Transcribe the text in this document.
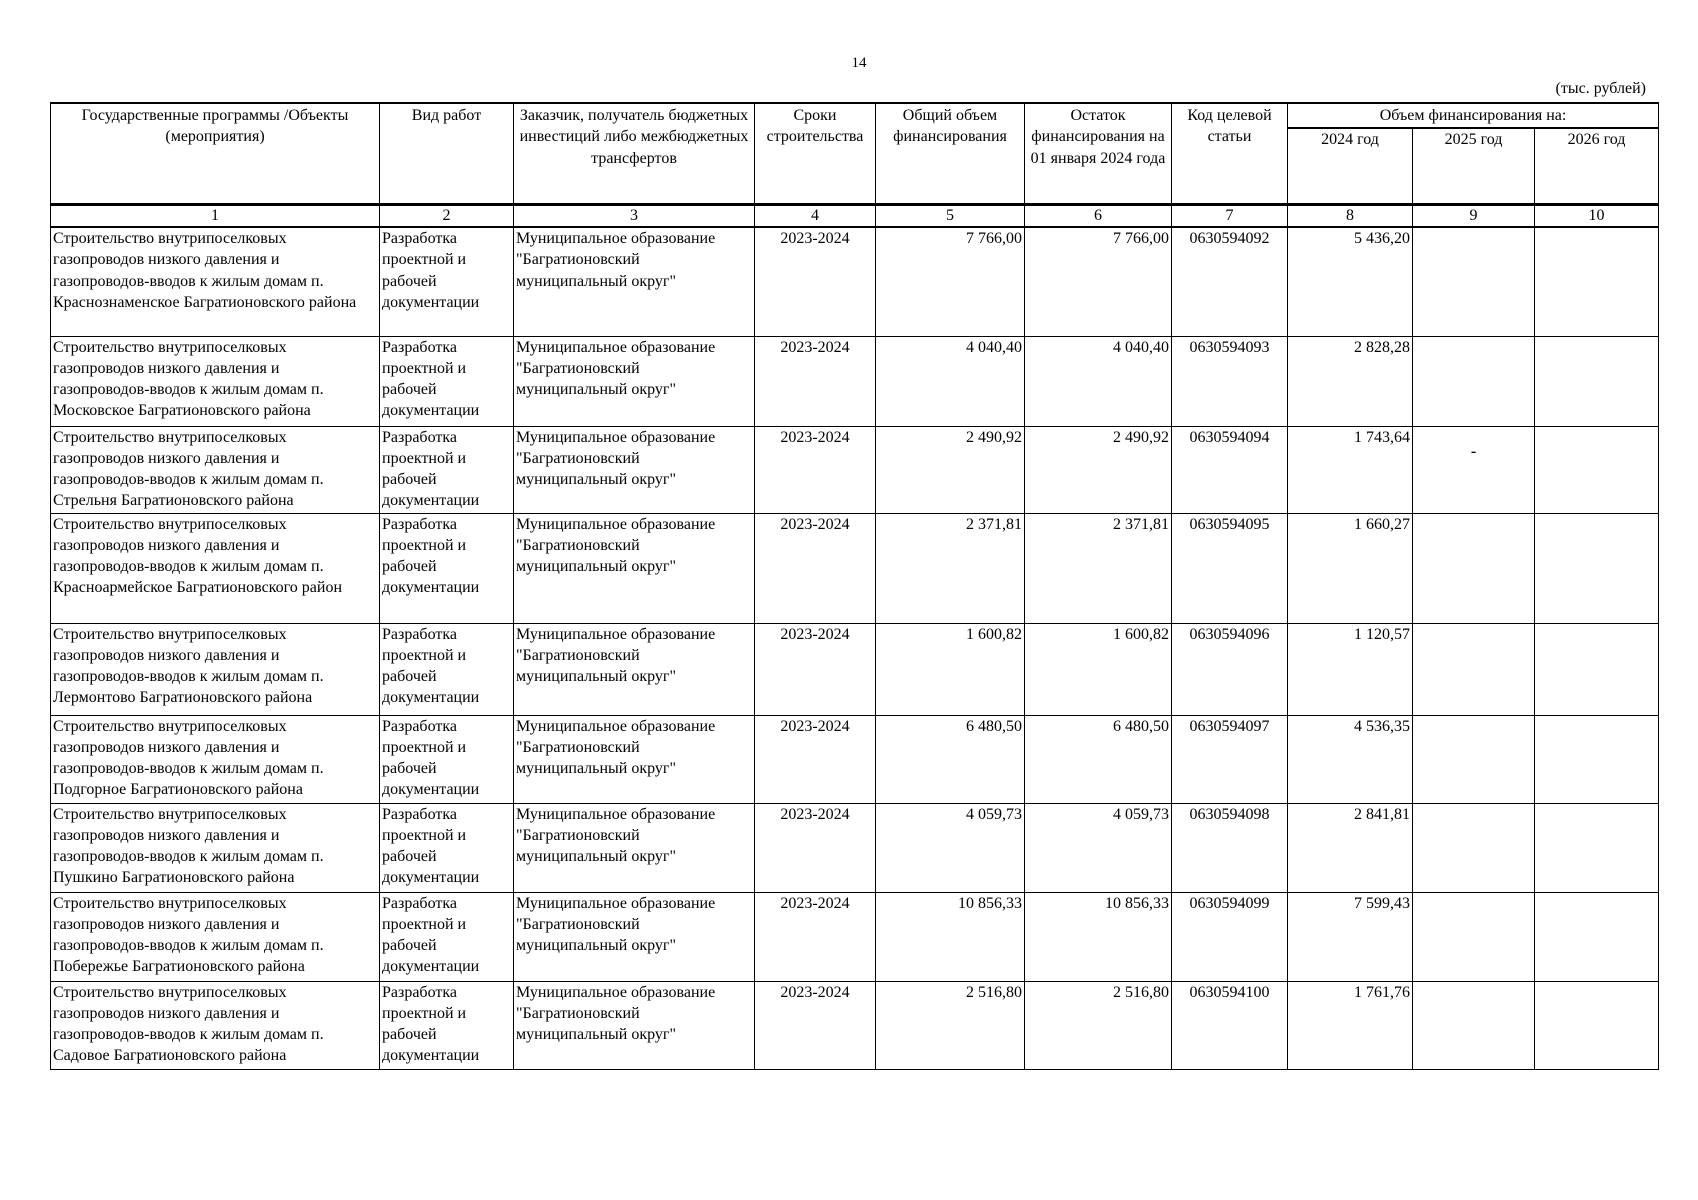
14
(тыс. рублей)
Государственные программы /Объекты (мероприятия)	Вид работ	Заказчик, получатель бюджетных инвестиций либо межбюджетных трансфертов	Сроки строительства	Общий объем финансирования	Остаток финансирования на 01 января 2024 года	Код целевой статьи	Объем финансирования на:		
							2024 год	2025 год	2026 год
1	2	3	4	5	6	7	8	9	10
Строительство внутрипоселковых газопроводов низкого давления и газопроводов-вводов к жилым домам п. Краснознаменское Багратионовского района	Разработка проектной и рабочей документации	Муниципальное образование "Багратионовский муниципальный округ"	2023-2024	7 766,00	7 766,00	0630594092	5 436,20		
Строительство внутрипоселковых газопроводов низкого давления и газопроводов-вводов к жилым домам п. Московское Багратионовского района	Разработка проектной и рабочей документации	Муниципальное образование "Багратионовский муниципальный округ"	2023-2024	4 040,40	4 040,40	0630594093	2 828,28		
Строительство внутрипоселковых газопроводов низкого давления и газопроводов-вводов к жилым домам п. Стрельня Багратионовского района	Разработка проектной и рабочей документации	Муниципальное образование "Багратионовский муниципальный округ"	2023-2024	2 490,92	2 490,92	0630594094	1 743,64	-	
Строительство внутрипоселковых газопроводов низкого давления и газопроводов-вводов к жилым домам п. Красноармейское Багратионовского район	Разработка проектной и рабочей документации	Муниципальное образование "Багратионовский муниципальный округ"	2023-2024	2 371,81	2 371,81	0630594095	1 660,27		
Строительство внутрипоселковых газопроводов низкого давления и газопроводов-вводов к жилым домам п. Лермонтово Багратионовского района	Разработка проектной и рабочей документации	Муниципальное образование "Багратионовский муниципальный округ"	2023-2024	1 600,82	1 600,82	0630594096	1 120,57		
Строительство внутрипоселковых газопроводов низкого давления и газопроводов-вводов к жилым домам п. Подгорное Багратионовского района	Разработка проектной и рабочей документации	Муниципальное образование "Багратионовский муниципальный округ"	2023-2024	6 480,50	6 480,50	0630594097	4 536,35		
Строительство внутрипоселковых газопроводов низкого давления и газопроводов-вводов к жилым домам п. Пушкино Багратионовского района	Разработка проектной и рабочей документации	Муниципальное образование "Багратионовский муниципальный округ"	2023-2024	4 059,73	4 059,73	0630594098	2 841,81		
Строительство внутрипоселковых газопроводов низкого давления и газопроводов-вводов к жилым домам п. Побережье Багратионовского района	Разработка проектной и рабочей документации	Муниципальное образование "Багратионовский муниципальный округ"	2023-2024	10 856,33	10 856,33	0630594099	7 599,43		
Строительство внутрипоселковых газопроводов низкого давления и газопроводов-вводов к жилым домам п. Садовое Багратионовского района	Разработка проектной и рабочей документации	Муниципальное образование "Багратионовский муниципальный округ"	2023-2024	2 516,80	2 516,80	0630594100	1 761,76		
